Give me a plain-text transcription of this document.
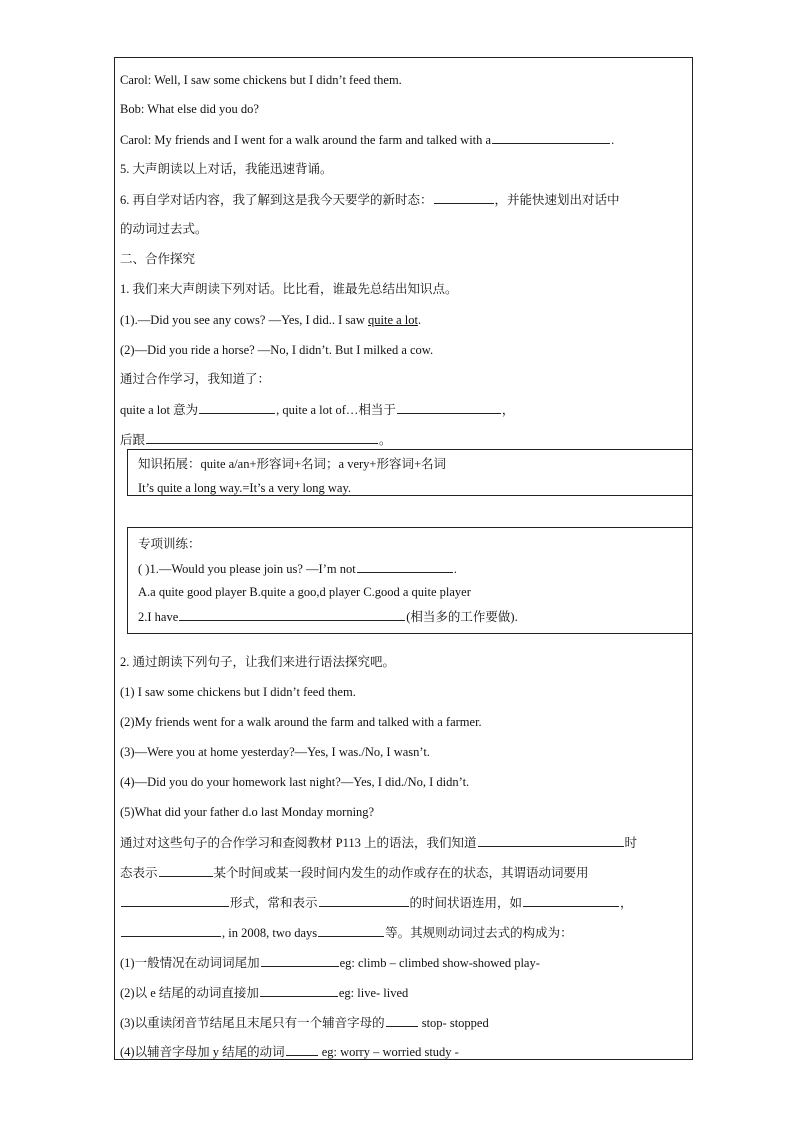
Carol: Well, I saw some chickens but I didn’t feed them.
Bob: What else did you do?
Carol: My friends and I went for a walk around the farm and talked with a	.
5. 大声朗读以上对话，我能迅速背诵。
6. 再自学对话内容，我了解到这是我今天要学的新时态：	，并能快速划出对话中
的动词过去式。
二、合作探究
1. 我们来大声朗读下列对话。比比看，谁最先总结出知识点。
(1).—Did you see any cows? —Yes, I did.. I saw quite a lot.
(2)—Did you ride a horse? —No, I didn’t. But I milked a cow.
通过合作学习，我知道了：
quite a lot 意为	, quite a lot of…相当于	，
后跟	。
知识拓展：quite a/an+形容词+名词；a very+形容词+名词
It’s quite a long way.=It’s a very long way.
专项训练：
( )1.—Would you please join us? —I’m not	.
A.a quite good player B.quite a goo,d player C.good a quite player
2.I have	(相当多的工作要做).
2. 通过朗读下列句子，让我们来进行语法探究吧。
(1) I saw some chickens but I didn’t feed them.
(2)My friends went for a walk around the farm and talked with a farmer.
(3)—Were you at home yesterday?—Yes, I was./No, I wasn’t.
(4)—Did you do your homework last night?—Yes, I did./No, I didn’t.
(5)What did your father d.o last Monday morning?
通过对这些句子的合作学习和查阅教材 P113 上的语法，我们知道	时
态表示	某个时间或某一段时间内发生的动作或存在的状态，其谓语动词要用
形式，常和表示	的时间状语连用，如	，
, in 2008, two days	等。其规则动词过去式的构成为：
(1)一般情况在动词词尾加	eg: climb – climbed show-showed play-
(2)以 e 结尾的动词直接加	eg: live- lived
(3)以重读闭音节结尾且末尾只有一个辅音字母的	stop- stopped
(4)以辅音字母加 y 结尾的动词	eg: worry – worried study -
